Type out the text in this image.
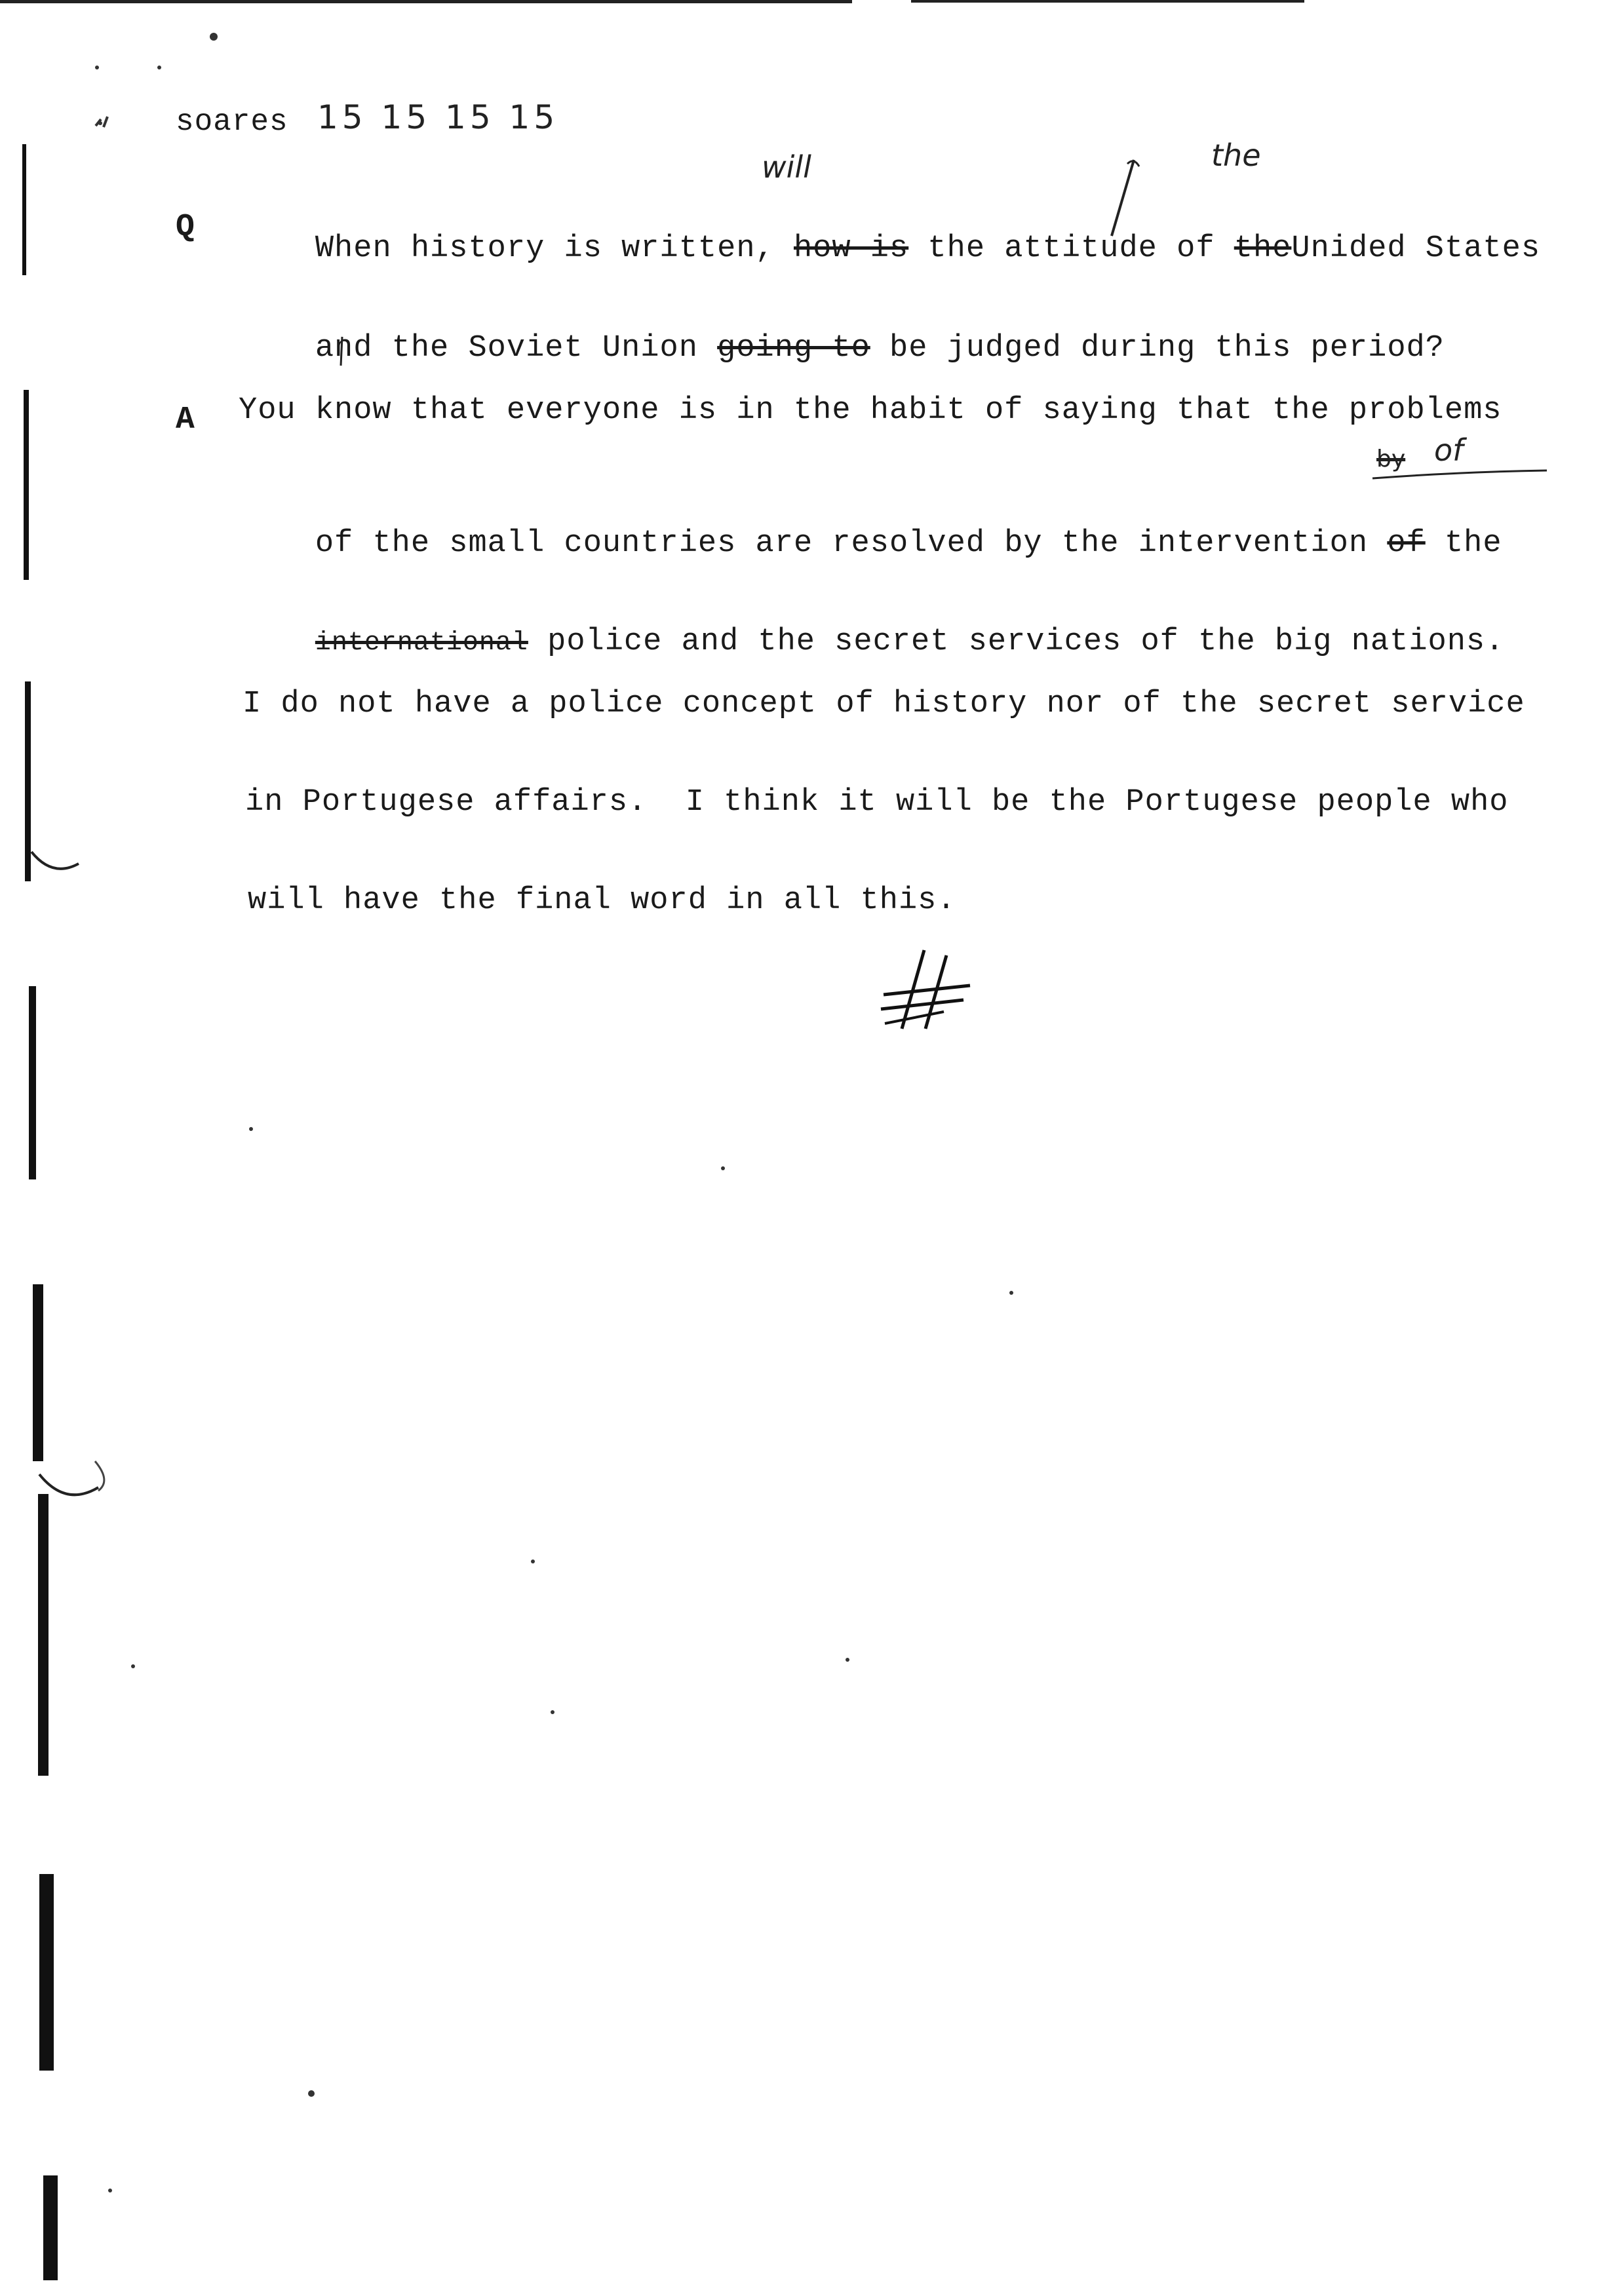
soares 15 15 15 15
Q

When history is written, how is the attitude of theUnided States

will	the

and the Soviet Union going to be judged during this period?

A You know that everyone is in the habit of saying that the problems

of the small countries are resolved by the intervention of the

by of

international police and the secret services of the big nations.

I do not have a police concept of history nor of the secret service
in Portugese affairs.  I think it will be the Portugese people who
will have the final word in all this.
